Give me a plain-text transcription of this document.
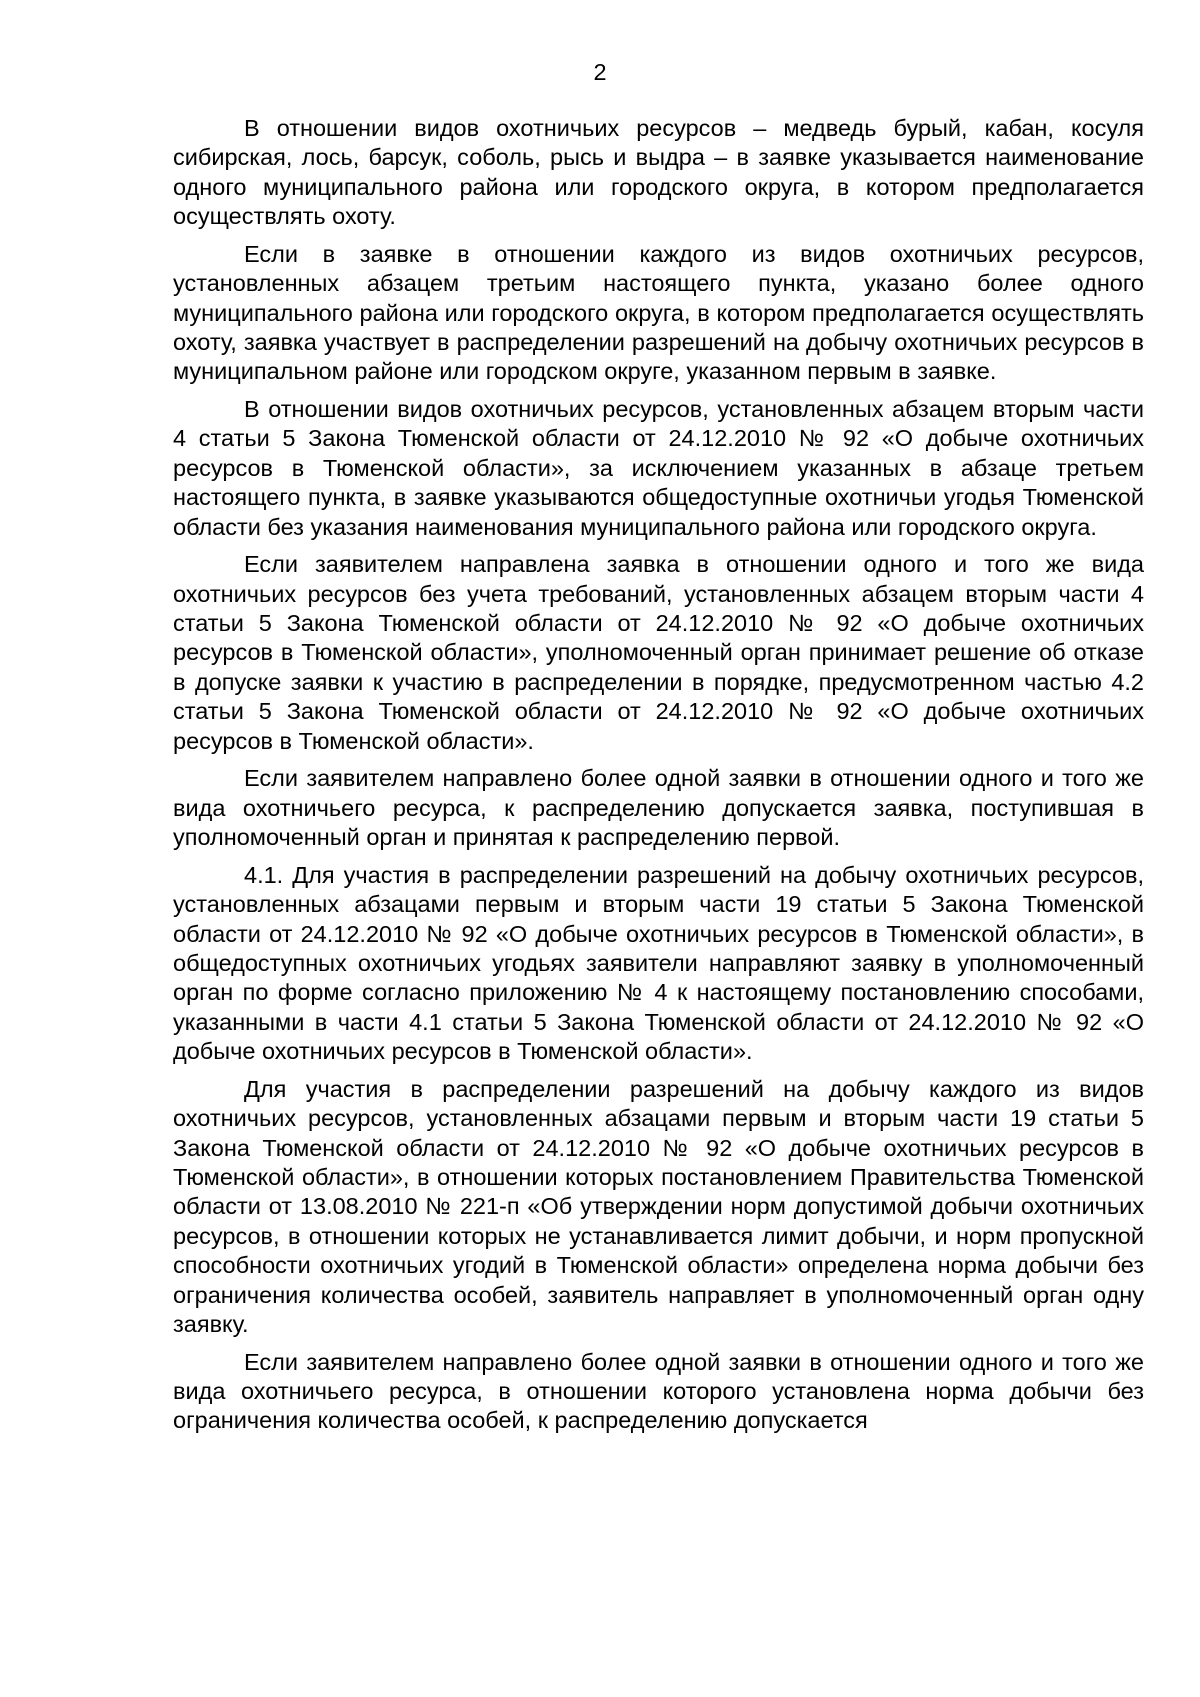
2

В отношении видов охотничьих ресурсов – медведь бурый, кабан, косуля сибирская, лось, барсук, соболь, рысь и выдра – в заявке указывается наименование одного муниципального района или городского округа, в котором предполагается осуществлять охоту.

Если в заявке в отношении каждого из видов охотничьих ресурсов, установленных абзацем третьим настоящего пункта, указано более одного муниципального района или городского округа, в котором предполагается осуществлять охоту, заявка участвует в распределении разрешений на добычу охотничьих ресурсов в муниципальном районе или городском округе, указанном первым в заявке.

В отношении видов охотничьих ресурсов, установленных абзацем вторым части 4 статьи 5 Закона Тюменской области от 24.12.2010 № 92 «О добыче охотничьих ресурсов в Тюменской области», за исключением указанных в абзаце третьем настоящего пункта, в заявке указываются общедоступные охотничьи угодья Тюменской области без указания наименования муниципального района или городского округа.

Если заявителем направлена заявка в отношении одного и того же вида охотничьих ресурсов без учета требований, установленных абзацем вторым части 4 статьи 5 Закона Тюменской области от 24.12.2010 № 92 «О добыче охотничьих ресурсов в Тюменской области», уполномоченный орган принимает решение об отказе в допуске заявки к участию в распределении в порядке, предусмотренном частью 4.2 статьи 5 Закона Тюменской области от 24.12.2010 № 92 «О добыче охотничьих ресурсов в Тюменской области».

Если заявителем направлено более одной заявки в отношении одного и того же вида охотничьего ресурса, к распределению допускается заявка, поступившая в уполномоченный орган и принятая к распределению первой.

4.1. Для участия в распределении разрешений на добычу охотничьих ресурсов, установленных абзацами первым и вторым части 19 статьи 5 Закона Тюменской области от 24.12.2010 № 92 «О добыче охотничьих ресурсов в Тюменской области», в общедоступных охотничьих угодьях заявители направляют заявку в уполномоченный орган по форме согласно приложению № 4 к настоящему постановлению способами, указанными в части 4.1 статьи 5 Закона Тюменской области от 24.12.2010 № 92 «О добыче охотничьих ресурсов в Тюменской области».

Для участия в распределении разрешений на добычу каждого из видов охотничьих ресурсов, установленных абзацами первым и вторым части 19 статьи 5 Закона Тюменской области от 24.12.2010 № 92 «О добыче охотничьих ресурсов в Тюменской области», в отношении которых постановлением Правительства Тюменской области от 13.08.2010 № 221-п «Об утверждении норм допустимой добычи охотничьих ресурсов, в отношении которых не устанавливается лимит добычи, и норм пропускной способности охотничьих угодий в Тюменской области» определена норма добычи без ограничения количества особей, заявитель направляет в уполномоченный орган одну заявку.

Если заявителем направлено более одной заявки в отношении одного и того же вида охотничьего ресурса, в отношении которого установлена норма добычи без ограничения количества особей, к распределению допускается
